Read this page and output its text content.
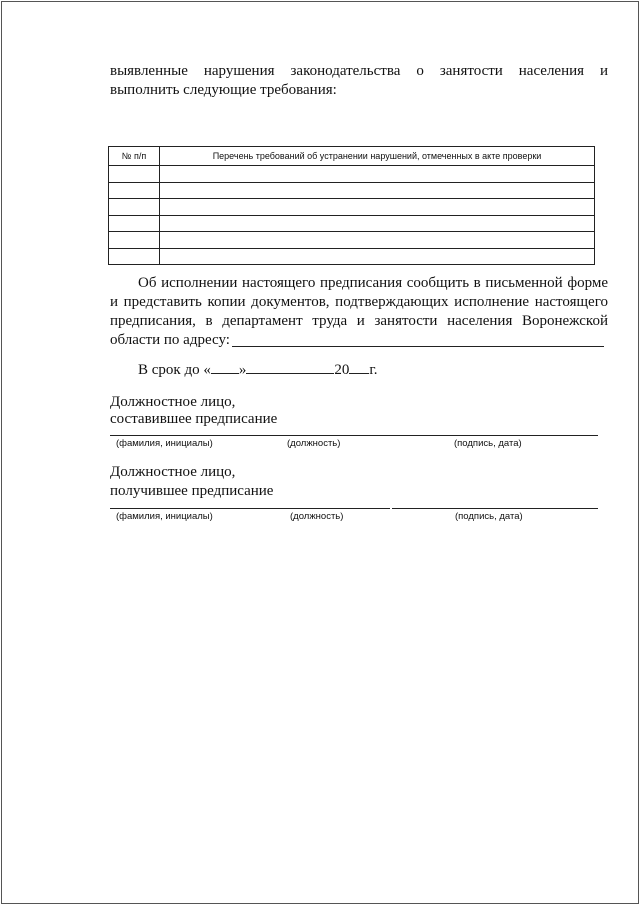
выявленные нарушения законодательства о занятости населения и
выполнить следующие требования:
№ п/п	Перечень требований об устранении нарушений, отмеченных в акте проверки

Об исполнении настоящего предписания сообщить в письменной форме
и представить копии документов, подтверждающих исполнение настоящего
предписания, в департамент труда и занятости населения Воронежской
области по адресу:
В срок до « »	20 г.
Должностное лицо,
составившее предписание
(фамилия, инициалы)	(должность)	(подпись, дата)
Должностное лицо,
получившее предписание
(фамилия, инициалы)	(должность)	(подпись, дата)
